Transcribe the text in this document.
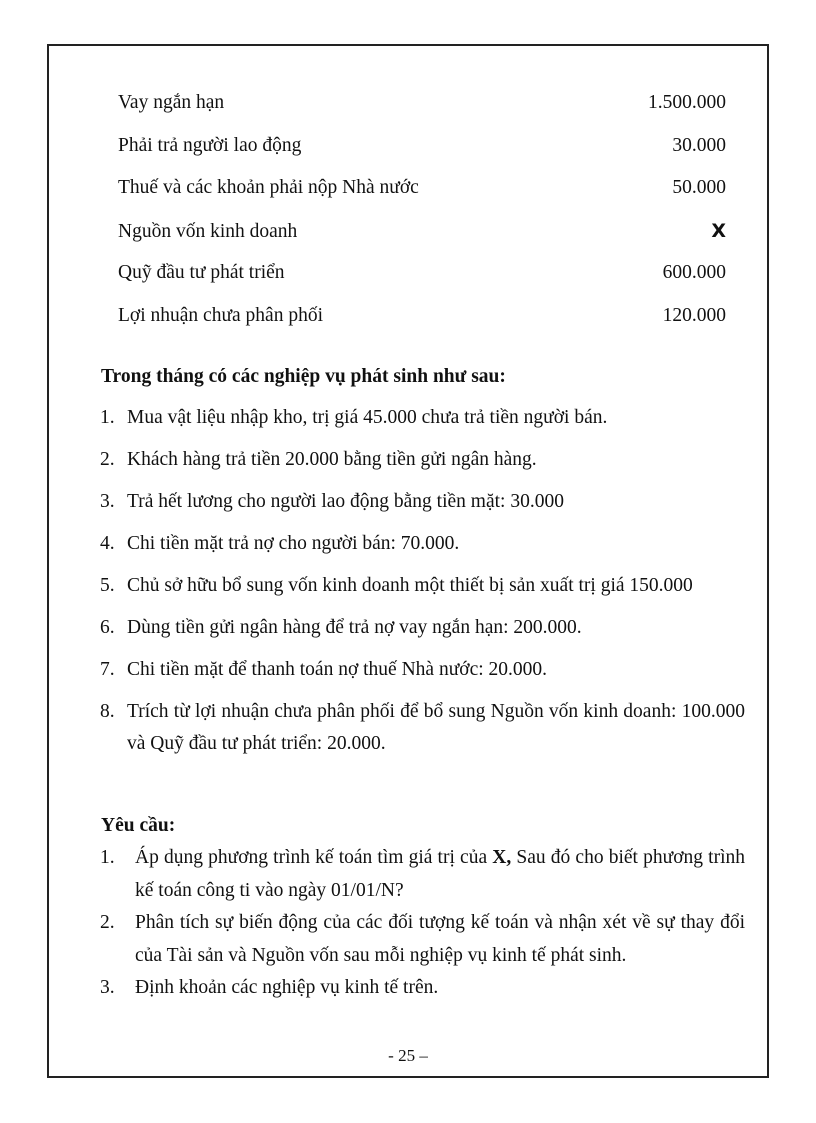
Vay ngắn hạn	1.500.000
Phải trả người lao động	30.000
Thuế và các khoản phải nộp Nhà nước	50.000
Nguồn vốn kinh doanh	X
Quỹ đầu tư phát triển	600.000
Lợi nhuận chưa phân phối	120.000
Trong tháng có các nghiệp vụ phát sinh như sau:
1. Mua vật liệu nhập kho, trị giá 45.000 chưa trả tiền người bán.
2. Khách hàng trả tiền 20.000 bằng tiền gửi ngân hàng.
3. Trả hết lương cho người lao động bằng tiền mặt: 30.000
4. Chi tiền mặt trả nợ cho người bán: 70.000.
5. Chủ sở hữu bổ sung vốn kinh doanh một thiết bị sản xuất trị giá 150.000
6. Dùng tiền gửi ngân hàng để trả nợ vay ngắn hạn: 200.000.
7. Chi tiền mặt để thanh toán nợ thuế Nhà nước: 20.000.
8. Trích từ lợi nhuận chưa phân phối để bổ sung Nguồn vốn kinh doanh: 100.000 và Quỹ đầu tư phát triển: 20.000.
Yêu cầu:
1.	Áp dụng phương trình kế toán tìm giá trị của X, Sau đó cho biết phương trình kế toán công ti vào ngày 01/01/N?
2.	Phân tích sự biến động của các đối tượng kế toán và nhận xét về sự thay đổi của Tài sản và Nguồn vốn sau mỗi nghiệp vụ kinh tế phát sinh.
3.	Định khoản các nghiệp vụ kinh tế trên.
- 25 –
